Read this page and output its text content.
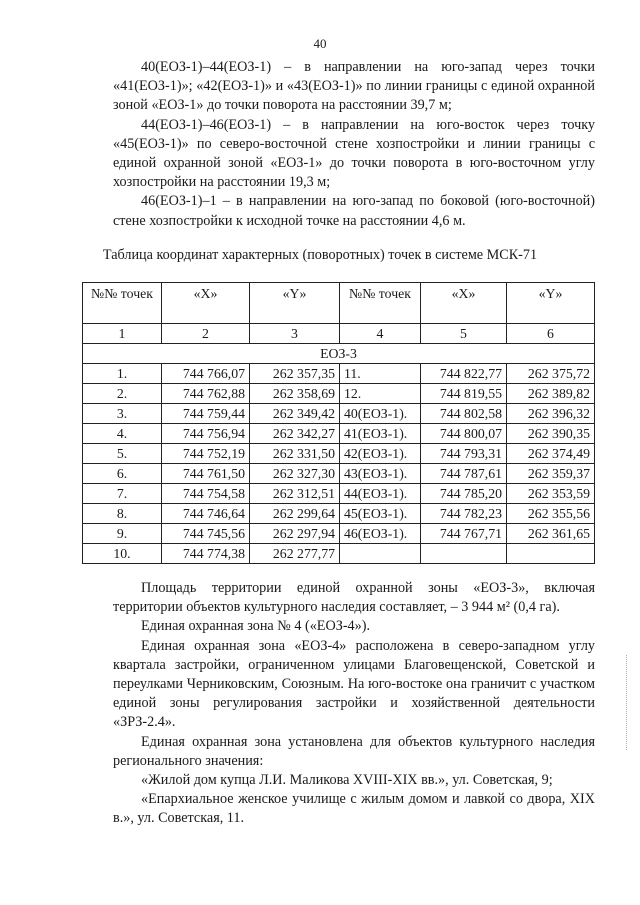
40

40(ЕОЗ-1)–44(ЕОЗ-1) – в направлении на юго-запад через точки «41(ЕОЗ-1)»; «42(ЕОЗ-1)» и «43(ЕОЗ-1)» по линии границы с единой охранной зоной «ЕОЗ-1» до точки поворота на расстоянии 39,7 м;

44(ЕОЗ-1)–46(ЕОЗ-1) – в направлении на юго-восток через точку «45(ЕОЗ-1)» по северо-восточной стене хозпостройки и линии границы с единой охранной зоной «ЕОЗ-1» до точки поворота в юго-восточном углу хозпостройки на расстоянии 19,3 м;

46(ЕОЗ-1)–1 – в направлении на юго-запад по боковой (юго-восточной) стене хозпостройки к исходной точке на расстоянии 4,6 м.

Таблица координат характерных (поворотных) точек в системе МСК-71
№№ точек	«X»	«Y»	№№ точек	«X»	«Y»
1	2	3	4	5	6
ЕОЗ-3					
1.	744 766,07	262 357,35	11.	744 822,77	262 375,72
2.	744 762,88	262 358,69	12.	744 819,55	262 389,82
3.	744 759,44	262 349,42	40(ЕОЗ-1).	744 802,58	262 396,32
4.	744 756,94	262 342,27	41(ЕОЗ-1).	744 800,07	262 390,35
5.	744 752,19	262 331,50	42(ЕОЗ-1).	744 793,31	262 374,49
6.	744 761,50	262 327,30	43(ЕОЗ-1).	744 787,61	262 359,37
7.	744 754,58	262 312,51	44(ЕОЗ-1).	744 785,20	262 353,59
8.	744 746,64	262 299,64	45(ЕОЗ-1).	744 782,23	262 355,56
9.	744 745,56	262 297,94	46(ЕОЗ-1).	744 767,71	262 361,65
10.	744 774,38	262 277,77			

Площадь территории единой охранной зоны «ЕОЗ-3», включая территории объектов культурного наследия составляет, – 3 944 м² (0,4 га).

Единая охранная зона № 4 («ЕОЗ-4»).

Единая охранная зона «ЕОЗ-4» расположена в северо-западном углу квартала застройки, ограниченном улицами Благовещенской, Советской и переулками Черниковским, Союзным. На юго-востоке она граничит с участком единой зоны регулирования застройки и хозяйственной деятельности «ЗРЗ-2.4».

Единая охранная зона установлена для объектов культурного наследия регионального значения:

«Жилой дом купца Л.И. Маликова XVIII-XIX вв.», ул. Советская, 9;

«Епархиальное женское училище с жилым домом и лавкой со двора, XIX в.», ул. Советская, 11.
